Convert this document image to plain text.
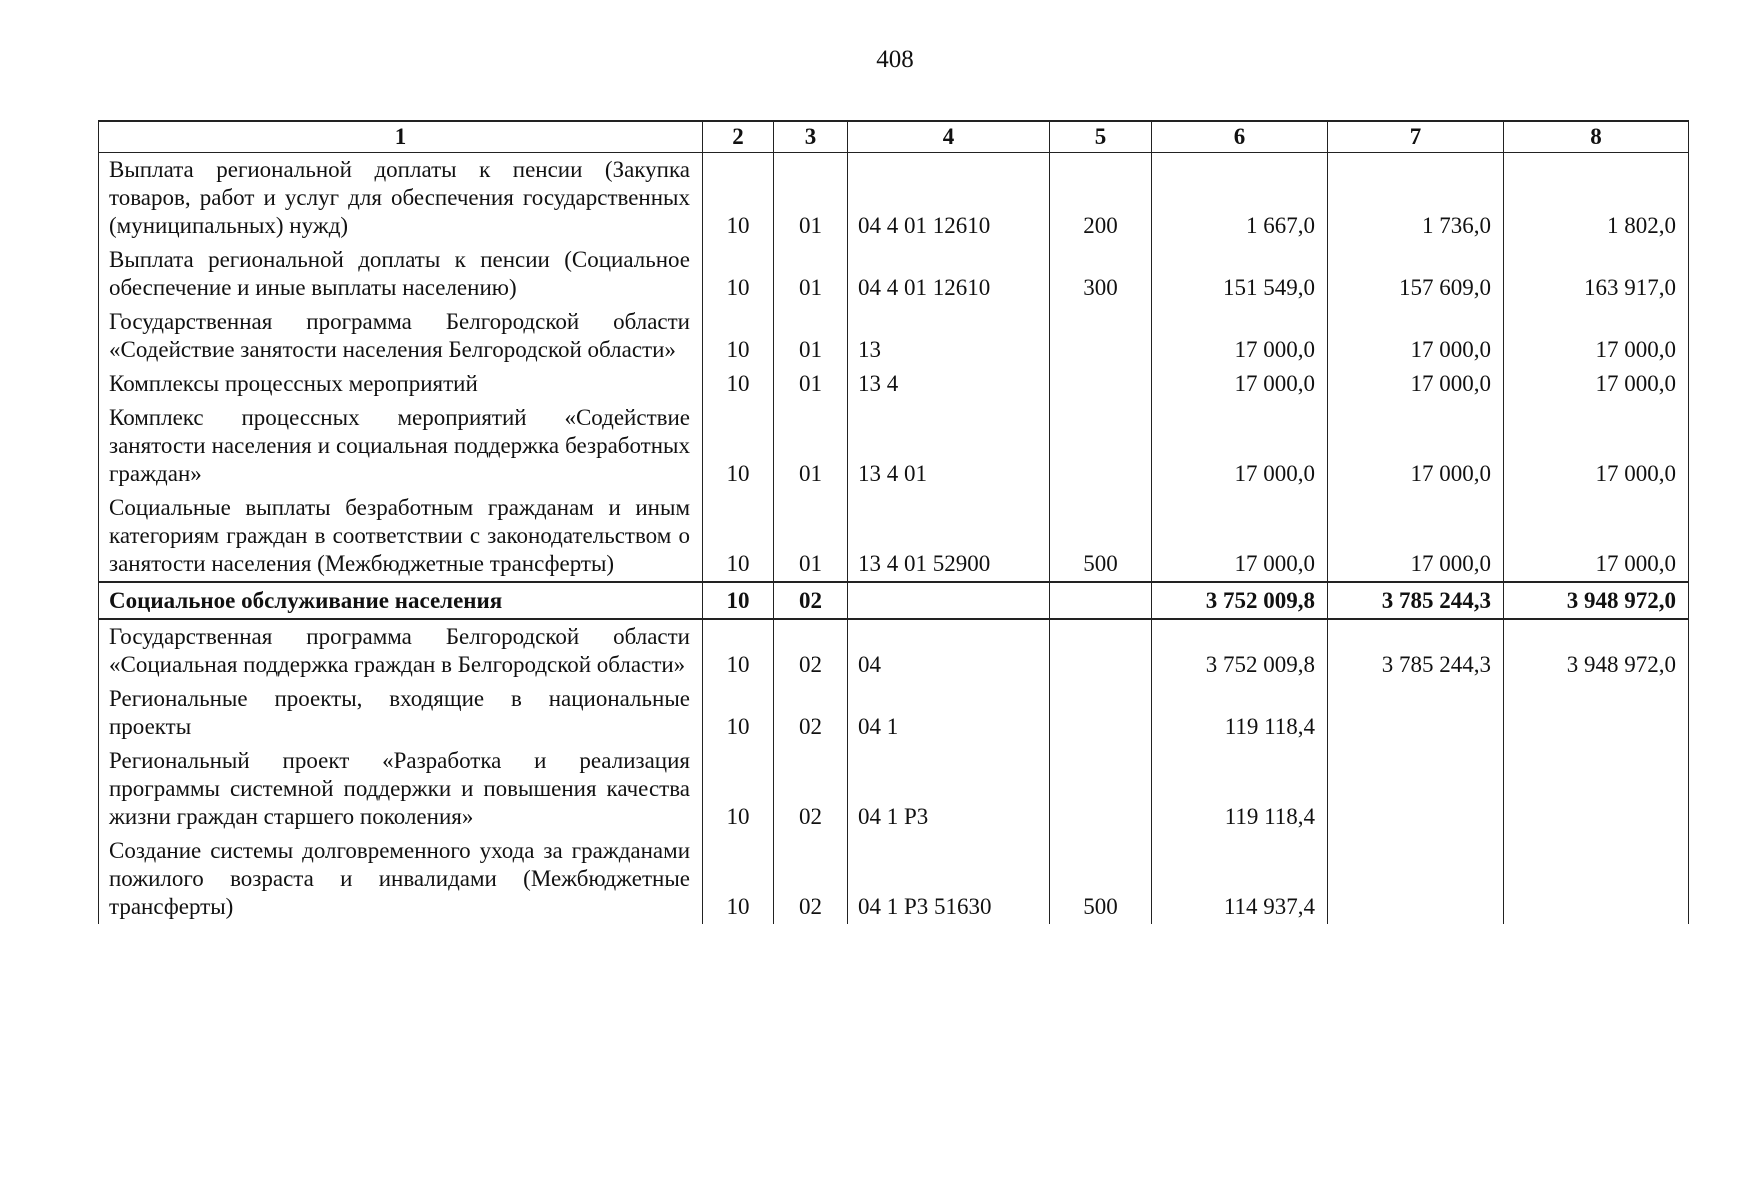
408
1	2	3	4	5	6	7	8
Выплата региональной доплаты к пенсии (Закупка товаров, работ и услуг для обеспечения государственных (муниципальных) нужд)	10	01	04 4 01 12610	200	1 667,0	1 736,0	1 802,0
Выплата региональной доплаты к пенсии (Социальное обеспечение и иные выплаты населению)	10	01	04 4 01 12610	300	151 549,0	157 609,0	163 917,0
Государственная программа Белгородской области «Содействие занятости населения Белгородской области»	10	01	13		17 000,0	17 000,0	17 000,0
Комплексы процессных мероприятий	10	01	13 4		17 000,0	17 000,0	17 000,0
Комплекс процессных мероприятий «Содействие занятости населения и социальная поддержка безработных граждан»	10	01	13 4 01		17 000,0	17 000,0	17 000,0
Социальные выплаты безработным гражданам и иным категориям граждан в соответствии с законодательством о занятости населения (Межбюджетные трансферты)	10	01	13 4 01 52900	500	17 000,0	17 000,0	17 000,0
Социальное обслуживание населения	10	02			3 752 009,8	3 785 244,3	3 948 972,0
Государственная программа Белгородской области «Социальная поддержка граждан в Белгородской области»	10	02	04		3 752 009,8	3 785 244,3	3 948 972,0
Региональные проекты, входящие в национальные проекты	10	02	04 1		119 118,4		
Региональный проект «Разработка и реализация программы системной поддержки и повышения качества жизни граждан старшего поколения»	10	02	04 1 Р3		119 118,4		
Создание системы долговременного ухода за гражданами пожилого возраста и инвалидами (Межбюджетные трансферты)	10	02	04 1 Р3 51630	500	114 937,4		
